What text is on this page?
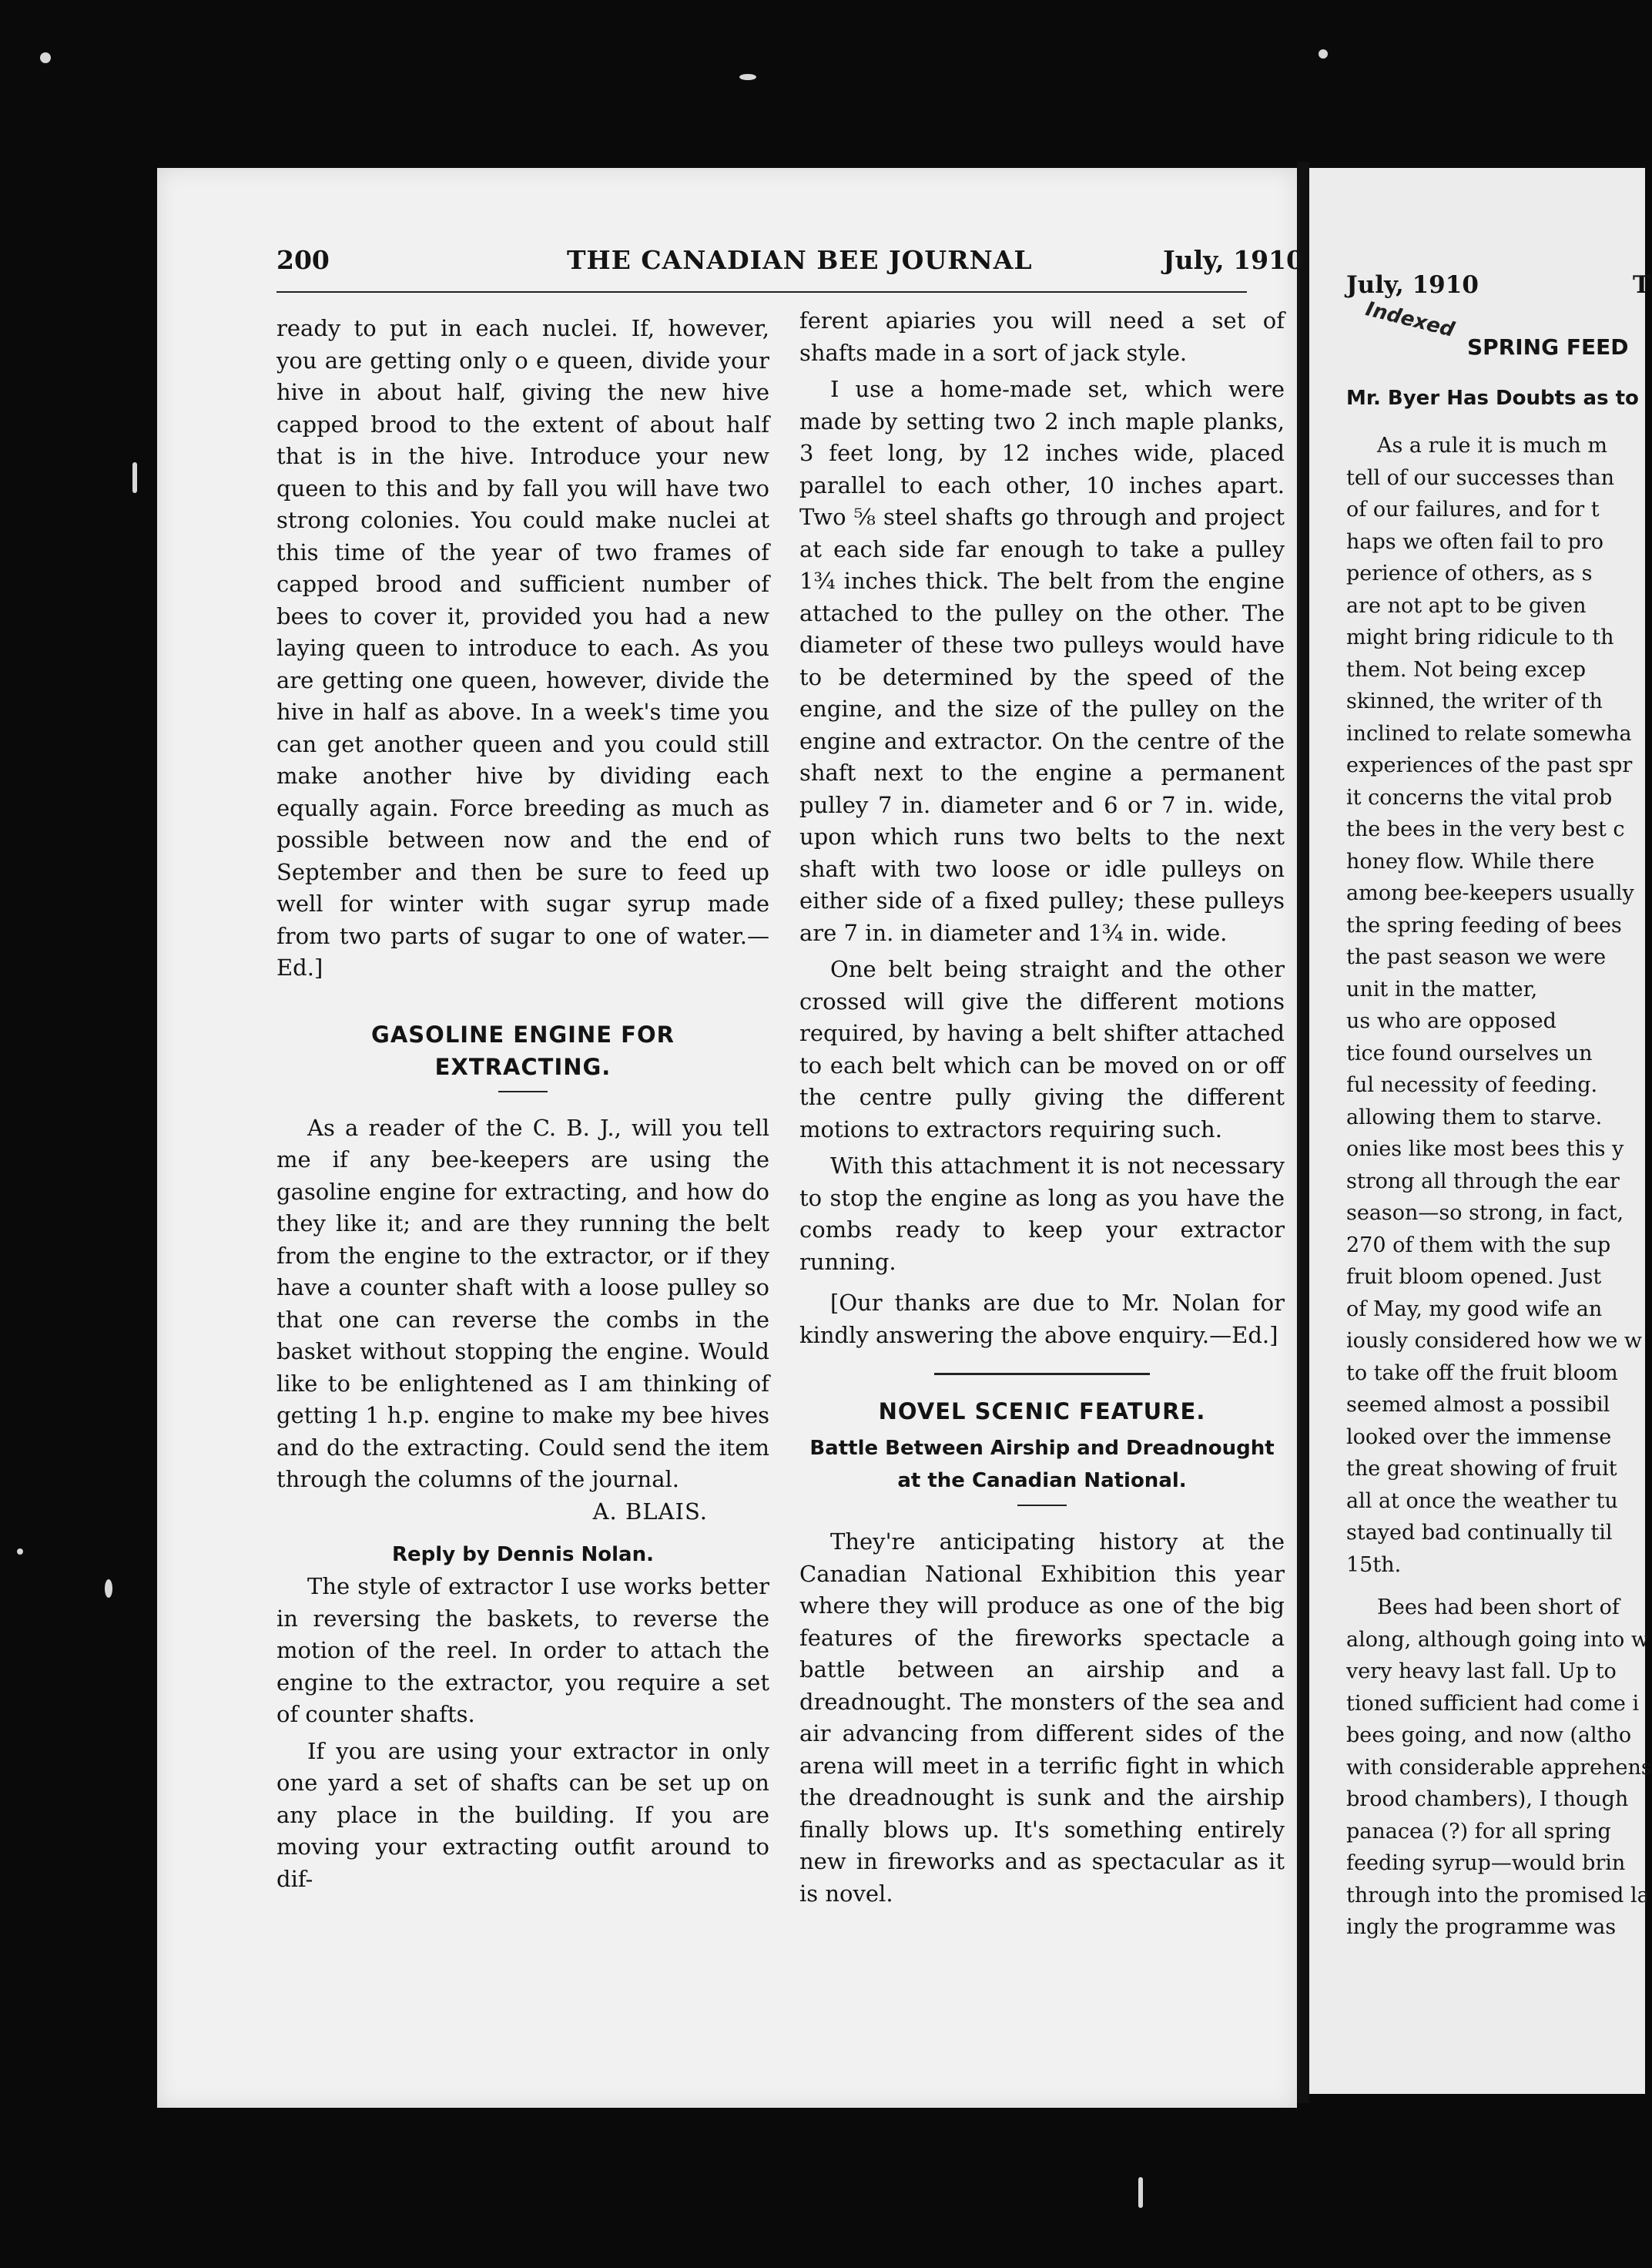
200	THE CANADIAN BEE JOURNAL	July, 1910

ready to put in each nuclei. If, however, you are getting only o e queen, divide your hive in about half, giving the new hive capped brood to the extent of about half that is in the hive. Introduce your new queen to this and by fall you will have two strong colonies. You could make nuclei at this time of the year of two frames of capped brood and sufficient number of bees to cover it, provided you had a new laying queen to introduce to each. As you are getting one queen, however, divide the hive in half as above. In a week's time you can get another queen and you could still make another hive by dividing each equally again. Force breeding as much as possible between now and the end of September and then be sure to feed up well for winter with sugar syrup made from two parts of sugar to one of water.—Ed.]

GASOLINE ENGINE FOR

EXTRACTING.

As a reader of the C. B. J., will you tell me if any bee-keepers are using the gasoline engine for extracting, and how do they like it; and are they running the belt from the engine to the extractor, or if they have a counter shaft with a loose pulley so that one can reverse the combs in the basket without stopping the engine. Would like to be enlightened as I am thinking of getting 1 h.p. engine to make my bee hives and do the extracting. Could send the item through the columns of the journal.

A. BLAIS.

Reply by Dennis Nolan.

The style of extractor I use works better in reversing the baskets, to reverse the motion of the reel. In order to attach the engine to the extractor, you require a set of counter shafts.

If you are using your extractor in only one yard a set of shafts can be set up on any place in the building. If you are moving your extracting outfit around to dif-

ferent apiaries you will need a set of shafts made in a sort of jack style.

I use a home-made set, which were made by setting two 2 inch maple planks, 3 feet long, by 12 inches wide, placed parallel to each other, 10 inches apart. Two ⅝ steel shafts go through and project at each side far enough to take a pulley 1¾ inches thick. The belt from the engine attached to the pulley on the other. The diameter of these two pulleys would have to be determined by the speed of the engine, and the size of the pulley on the engine and extractor. On the centre of the shaft next to the engine a permanent pulley 7 in. diameter and 6 or 7 in. wide, upon which runs two belts to the next shaft with two loose or idle pulleys on either side of a fixed pulley; these pulleys are 7 in. in diameter and 1¾ in. wide.

One belt being straight and the other crossed will give the different motions required, by having a belt shifter attached to each belt which can be moved on or off the centre pully giving the different motions to extractors requiring such.

With this attachment it is not necessary to stop the engine as long as you have the combs ready to keep your extractor running.

[Our thanks are due to Mr. Nolan for kindly answering the above enquiry.—Ed.]

NOVEL SCENIC FEATURE.

Battle Between Airship and Dreadnought

at the Canadian National.

They're anticipating history at the Canadian National Exhibition this year where they will produce as one of the big features of the fireworks spectacle a battle between an airship and a dreadnought. The monsters of the sea and air advancing from different sides of the arena will meet in a terrific fight in which the dreadnought is sunk and the airship finally blows up. It's something entirely new in fireworks and as spectacular as it is novel.

July, 1910	T
SPRING FEED
Mr. Byer Has Doubts as to

As a rule it is much m

tell of our successes than

of our failures, and for t

haps we often fail to pro

perience of others, as s

are not apt to be given

might bring ridicule to th

them. Not being excep

skinned, the writer of th

inclined to relate somewha

experiences of the past spr

it concerns the vital prob

the bees in the very best c

honey flow. While there

among bee-keepers usually

the spring feeding of bees

the past season we were

unit in the matter,

us who are opposed

tice found ourselves un

ful necessity of feeding.

allowing them to starve.

onies like most bees this y

strong all through the ear

season—so strong, in fact,

270 of them with the sup

fruit bloom opened. Just

of May, my good wife an

iously considered how we w

to take off the fruit bloom

seemed almost a possibil

looked over the immense

the great showing of fruit

all at once the weather tu

stayed bad continually til

15th.

Bees had been short of

along, although going into w

very heavy last fall. Up to

tioned sufficient had come i

bees going, and now (altho

with considerable apprehens

brood chambers), I though

panacea (?) for all spring

feeding syrup—would brin

through into the promised la

ingly the programme was

Indexed
